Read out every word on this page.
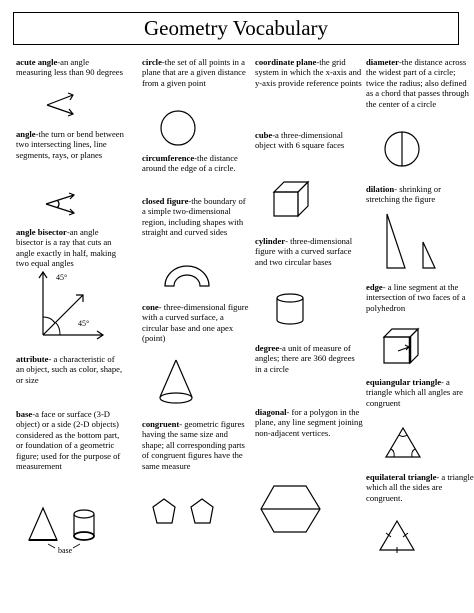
Geometry Vocabulary
acute angle-an angle measuring less than 90 degrees
angle-the turn or bend between two intersecting lines, line segments, rays, or planes
angle bisector-an angle bisector is a ray that cuts an angle exactly in half, making two equal angles
45°
45°
attribute- a characteristic of an object, such as color, shape, or size
base-a face or surface (3-D object) or a side (2-D objects) considered as the bottom part, or foundation of a geometric figure; used for the purpose of measurement
base
circle-the set of all points in a plane that are a given distance from a given point
circumference-the distance around the edge of a circle.
closed figure-the boundary of a simple two-dimensional region, including shapes with straight and curved sides
cone- three-dimensional figure with a curved surface, a circular base and one apex (point)
congruent- geometric figures having the same size and shape; all corresponding parts of congruent figures have the same measure
coordinate plane-the grid system in which the x-axis and y-axis provide reference points
cube-a three-dimensional object with 6 square faces
cylinder- three-dimensional figure with a curved surface and two circular bases
degree-a unit of measure of angles; there are 360 degrees in a circle
diagonal- for a polygon in the plane, any line segment joining non-adjacent vertices.
diameter-the distance across the widest part of a circle; twice the radius; also defined as a chord that passes through the center of a circle
dilation- shrinking or stretching the figure
edge- a line segment at the intersection of two faces of a polyhedron
equiangular triangle- a triangle which all angles are congruent
equilateral triangle- a triangle which all the sides are congruent.
